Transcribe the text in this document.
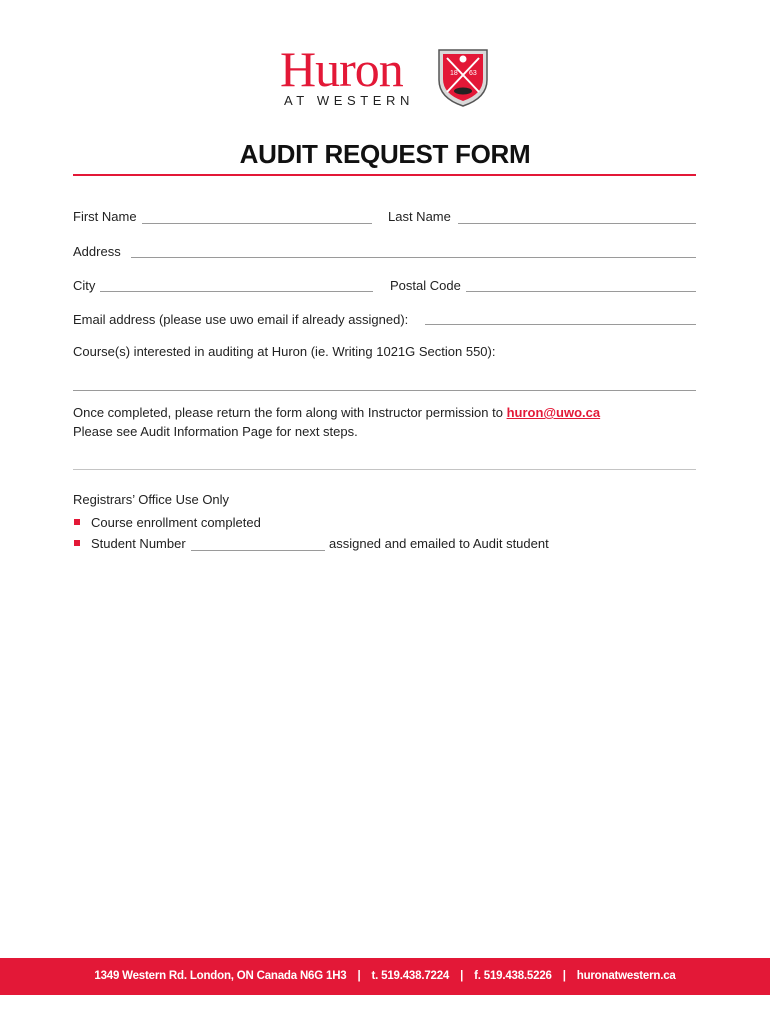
Huron
AT WESTERN
18 63
AUDIT REQUEST FORM
First Name	Last Name
Address
City	Postal Code
Email address (please use uwo email if already assigned):
Course(s) interested in auditing at Huron (ie. Writing 1021G Section 550):
Once completed, please return the form along with Instructor permission to huron@uwo.ca
Please see Audit Information Page for next steps.
Registrars’ Office Use Only
Course enrollment completed
Student Number	assigned and emailed to Audit student
1349 Western Rd. London, ON Canada N6G 1H3 | t. 519.438.7224 | f. 519.438.5226 | huronatwestern.ca
